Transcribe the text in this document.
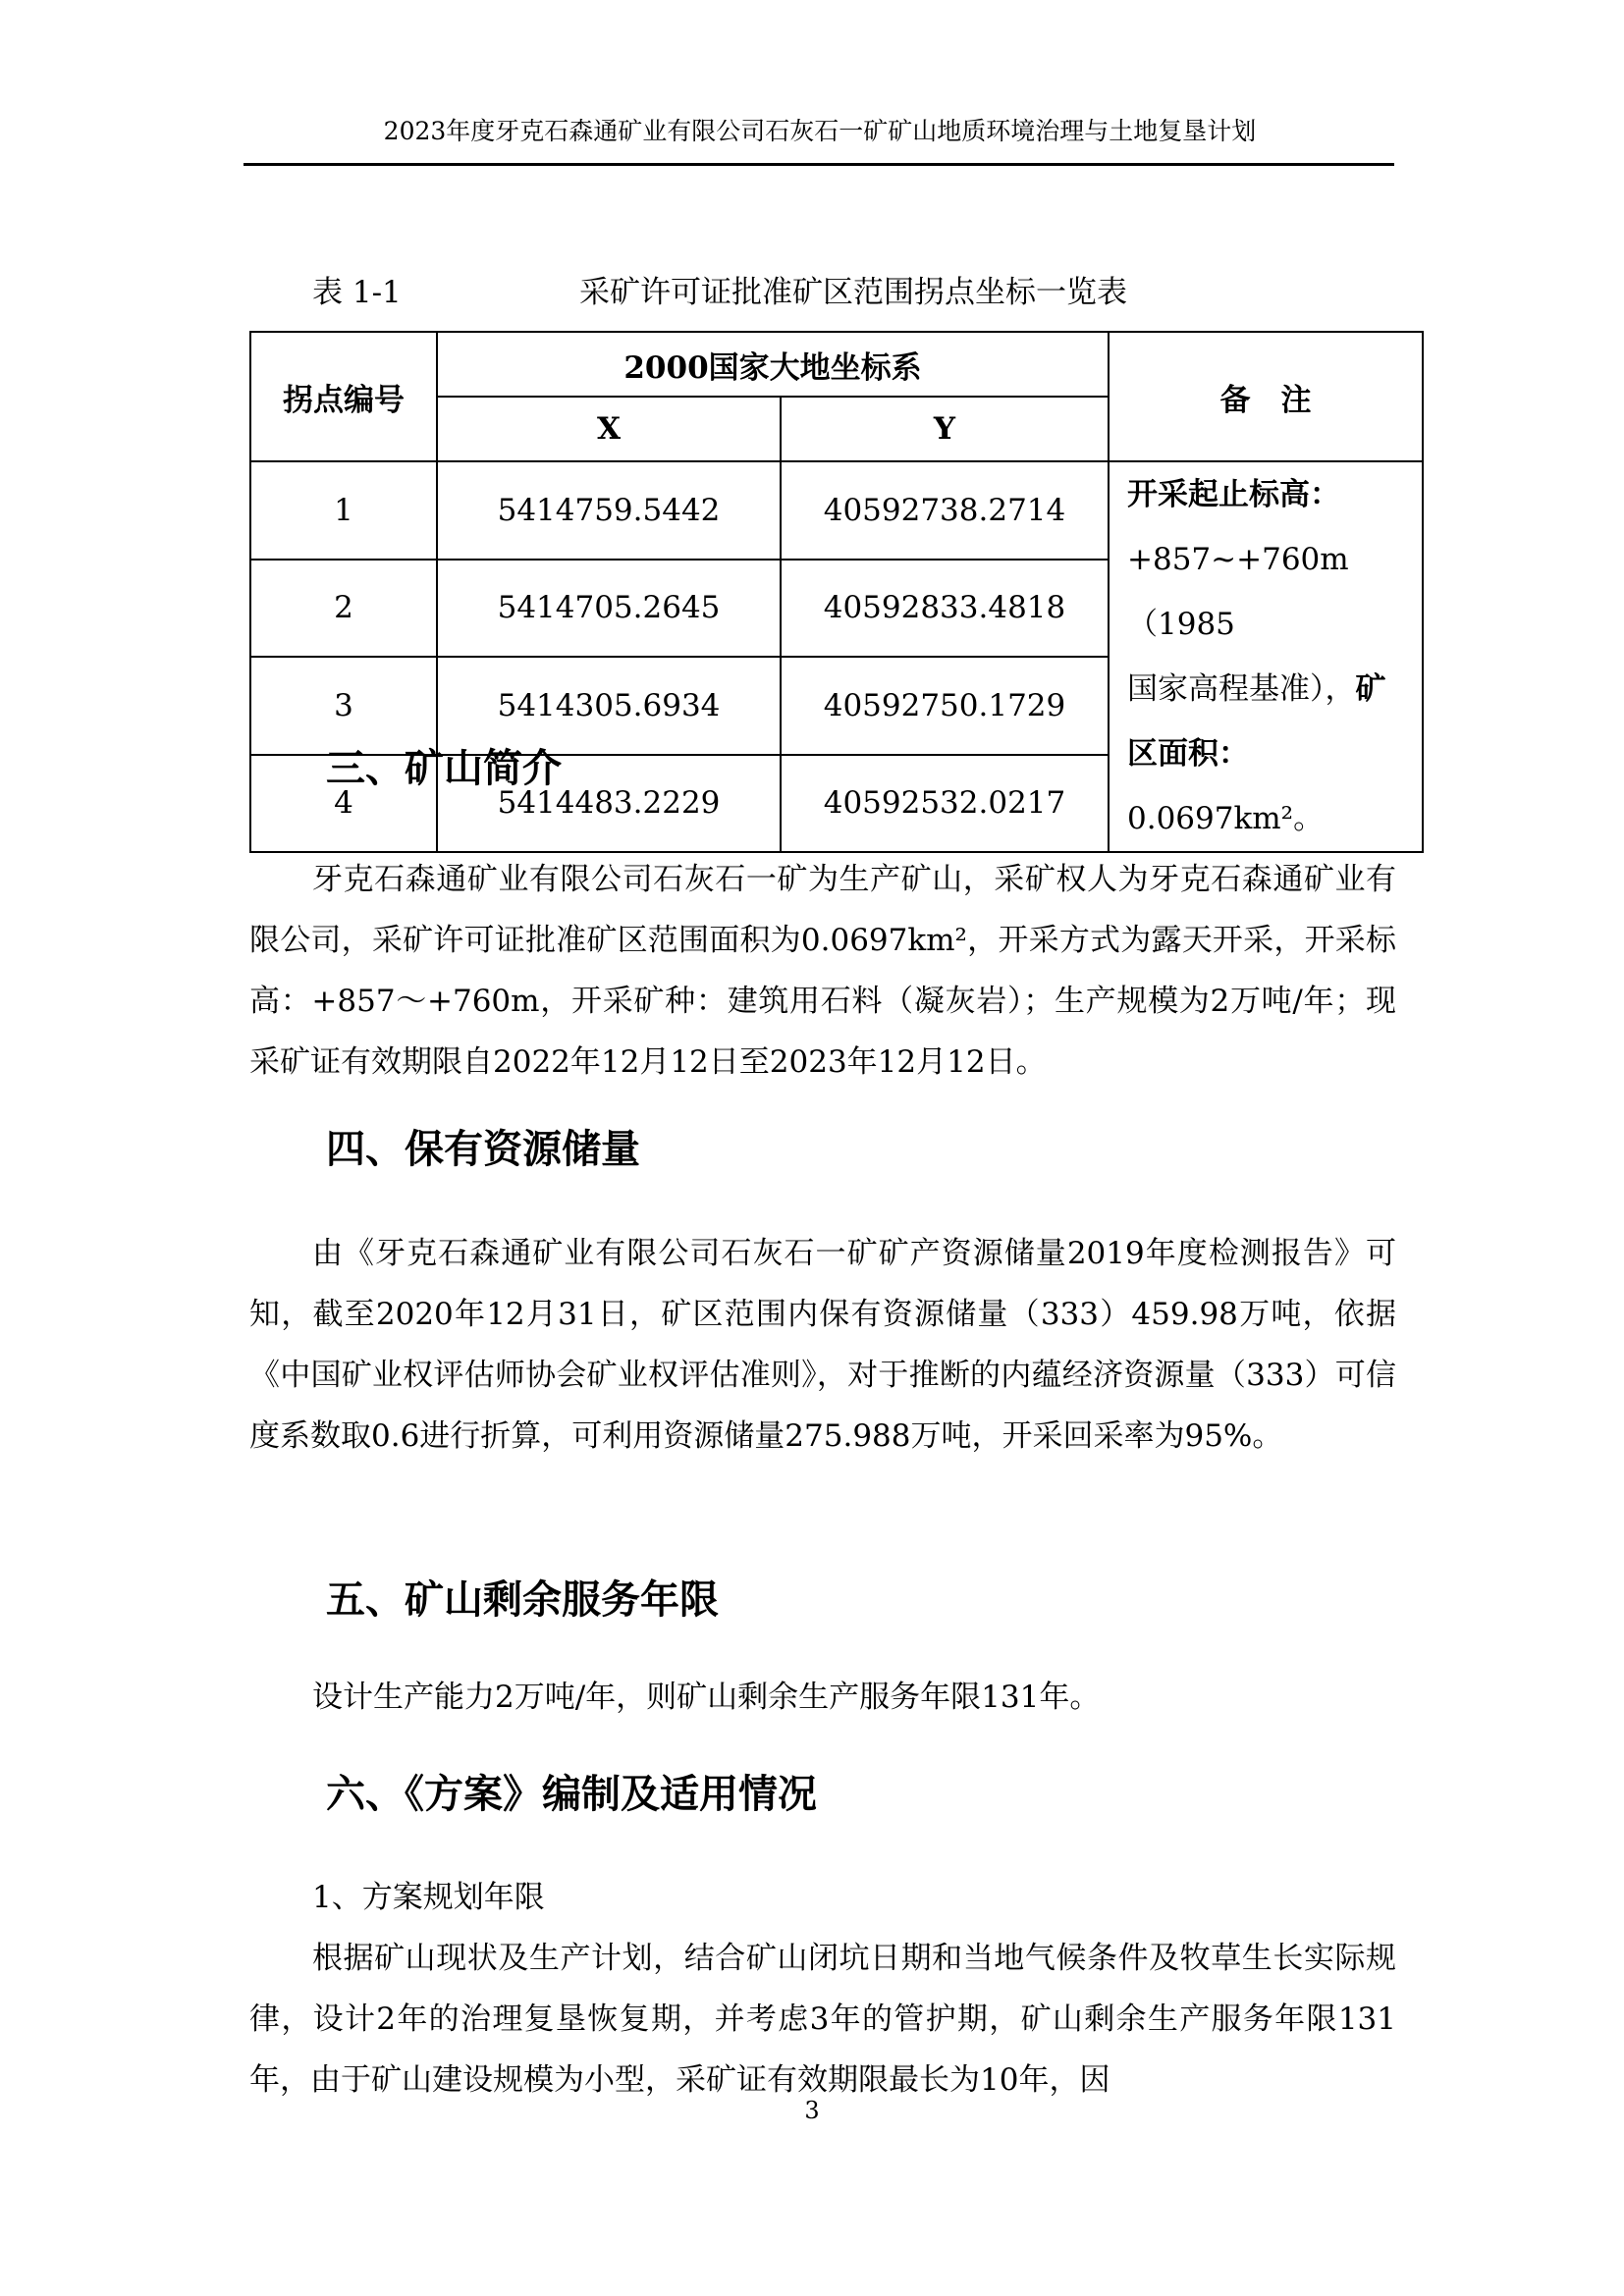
2023年度牙克石森通矿业有限公司石灰石一矿矿山地质环境治理与土地复垦计划
表 1-1	采矿许可证批准矿区范围拐点坐标一览表
拐点编号	2000国家大地坐标系		备　注
	X	Y	
1	5414759.5442	40592738.2714	开采起止标高：
+857~+760m（1985
国家高程基准），矿
区面积：0.0697km²。

2	5414705.2645	40592833.4818	
3	5414305.6934	40592750.1729	
4	5414483.2229	40592532.0217	
三、矿山简介

牙克石森通矿业有限公司石灰石一矿为生产矿山，采矿权人为牙克石森通矿业有限公司，采矿许可证批准矿区范围面积为0.0697km²，开采方式为露天开采，开采标高：+857～+760m，开采矿种：建筑用石料（凝灰岩）；生产规模为2万吨/年；现采矿证有效期限自2022年12月12日至2023年12月12日。

四、保有资源储量

由《牙克石森通矿业有限公司石灰石一矿矿产资源储量2019年度检测报告》可知，截至2020年12月31日，矿区范围内保有资源储量（333）459.98万吨，依据《中国矿业权评估师协会矿业权评估准则》，对于推断的内蕴经济资源量（333）可信度系数取0.6进行折算，可利用资源储量275.988万吨，开采回采率为95%。

五、矿山剩余服务年限

设计生产能力2万吨/年，则矿山剩余生产服务年限131年。

六、《方案》编制及适用情况

1、方案规划年限

根据矿山现状及生产计划，结合矿山闭坑日期和当地气候条件及牧草生长实际规律，设计2年的治理复垦恢复期，并考虑3年的管护期，矿山剩余生产服务年限131年，由于矿山建设规模为小型，采矿证有效期限最长为10年，因

3
